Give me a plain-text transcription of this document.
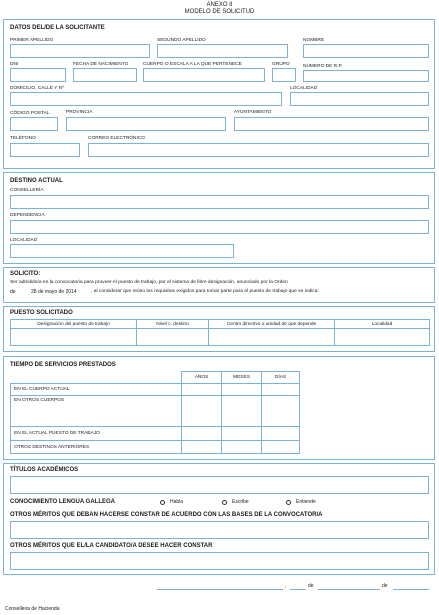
ANEXO II
MODELO DE SOLICITUD
DATOS DEL/DE LA SOLICITANTE
PRIMER APELLIDO	SEGUNDO APELLIDO	NOMBRE
DNI	FECHA DE NACIMIENTO	CUERPO O ESCALA A LA QUE PERTENECE	GRUPO	NÚMERO DE R.P.
DOMICILIO, CALLE Y Nº	LOCALIDAD
CÓDIGO POSTAL	PROVINCIA	AYUNTAMIENTO
TELÉFONO	CORREO ELECTRÓNICO
DESTINO ACTUAL
CONSELLERÍA
DEPENDENCIA
LOCALIDAD
SOLICITO:
Ser admitido/a en la convocatoria para proveer el puesto de trabajo, por el sistema de libre designación, anunciado por la Orden
de	28 de mayo de 2014	, al considerar que reúno los requisitos exigidos para tomar parte para el puesto de trabajo que se indica:
PUESTO SOLICITADO
Designación del puesto de trabajo	Nivel c. destino	Centro directivo o unidad de que depende	Localidad
TIEMPO DE SERVICIOS PRESTADOS
AÑOS	MESES	DÍAS
EN EL CUERPO ACTUAL
EN OTROS CUERPOS
EN EL ACTUAL PUESTO DE TRABAJO
OTROS DESTINOS ANTERIORES
TÍTULOS ACADÉMICOS
CONOCIMIENTO LENGUA GALLEGA	Habla	Escribe	Entiende
OTROS MÉRITOS QUE DEBAN HACERSE CONSTAR DE ACUERDO CON LAS BASES DE LA CONVOCATORIA
OTROS MÉRITOS QUE EL/LA CANDIDATO/A DESEE HACER CONSTAR
,	de	de
Conselleira de Hacienda
